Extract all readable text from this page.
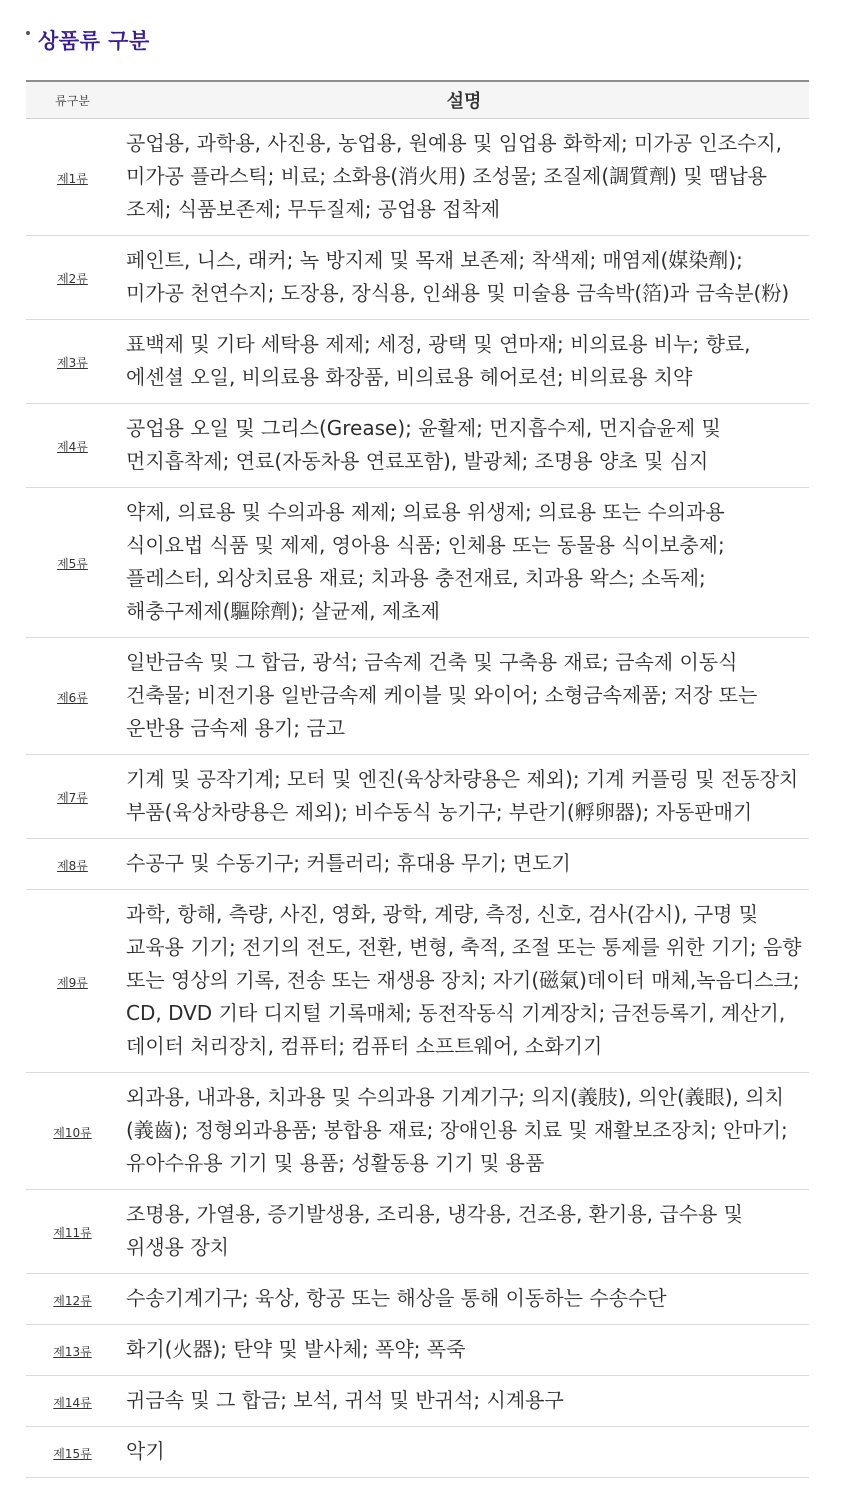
상품류 구분
류구분	설명
제1류	공업용, 과학용, 사진용, 농업용, 원예용 및 임업용 화학제; 미가공 인조수지, 미가공 플라스틱; 비료; 소화용(消火用) 조성물; 조질제(調質劑) 및 땜납용 조제; 식품보존제; 무두질제; 공업용 접착제
제2류	페인트, 니스, 래커; 녹 방지제 및 목재 보존제; 착색제; 매염제(媒染劑); 미가공 천연수지; 도장용, 장식용, 인쇄용 및 미술용 금속박(箔)과 금속분(粉)
제3류	표백제 및 기타 세탁용 제제; 세정, 광택 및 연마재; 비의료용 비누; 향료, 에센셜 오일, 비의료용 화장품, 비의료용 헤어로션; 비의료용 치약
제4류	공업용 오일 및 그리스(Grease); 윤활제; 먼지흡수제, 먼지습윤제 및 먼지흡착제; 연료(자동차용 연료포함), 발광체; 조명용 양초 및 심지
제5류	약제, 의료용 및 수의과용 제제; 의료용 위생제; 의료용 또는 수의과용 식이요법 식품 및 제제, 영아용 식품; 인체용 또는 동물용 식이보충제; 플레스터, 외상치료용 재료; 치과용 충전재료, 치과용 왁스; 소독제; 해충구제제(驅除劑); 살균제, 제초제
제6류	일반금속 및 그 합금, 광석; 금속제 건축 및 구축용 재료; 금속제 이동식 건축물; 비전기용 일반금속제 케이블 및 와이어; 소형금속제품; 저장 또는 운반용 금속제 용기; 금고
제7류	기계 및 공작기계; 모터 및 엔진(육상차량용은 제외); 기계 커플링 및 전동장치 부품(육상차량용은 제외); 비수동식 농기구; 부란기(孵卵器); 자동판매기
제8류	수공구 및 수동기구; 커틀러리; 휴대용 무기; 면도기
제9류	과학, 항해, 측량, 사진, 영화, 광학, 계량, 측정, 신호, 검사(감시), 구명 및 교육용 기기; 전기의 전도, 전환, 변형, 축적, 조절 또는 통제를 위한 기기; 음향 또는 영상의 기록, 전송 또는 재생용 장치; 자기(磁氣)데이터 매체,녹음디스크; CD, DVD 기타 디지털 기록매체; 동전작동식 기계장치; 금전등록기, 계산기, 데이터 처리장치, 컴퓨터; 컴퓨터 소프트웨어, 소화기기
제10류	외과용, 내과용, 치과용 및 수의과용 기계기구; 의지(義肢), 의안(義眼), 의치(義齒); 정형외과용품; 봉합용 재료; 장애인용 치료 및 재활보조장치; 안마기; 유아수유용 기기 및 용품; 성활동용 기기 및 용품
제11류	조명용, 가열용, 증기발생용, 조리용, 냉각용, 건조용, 환기용, 급수용 및 위생용 장치
제12류	수송기계기구; 육상, 항공 또는 해상을 통해 이동하는 수송수단
제13류	화기(火器); 탄약 및 발사체; 폭약; 폭죽
제14류	귀금속 및 그 합금; 보석, 귀석 및 반귀석; 시계용구
제15류	악기
